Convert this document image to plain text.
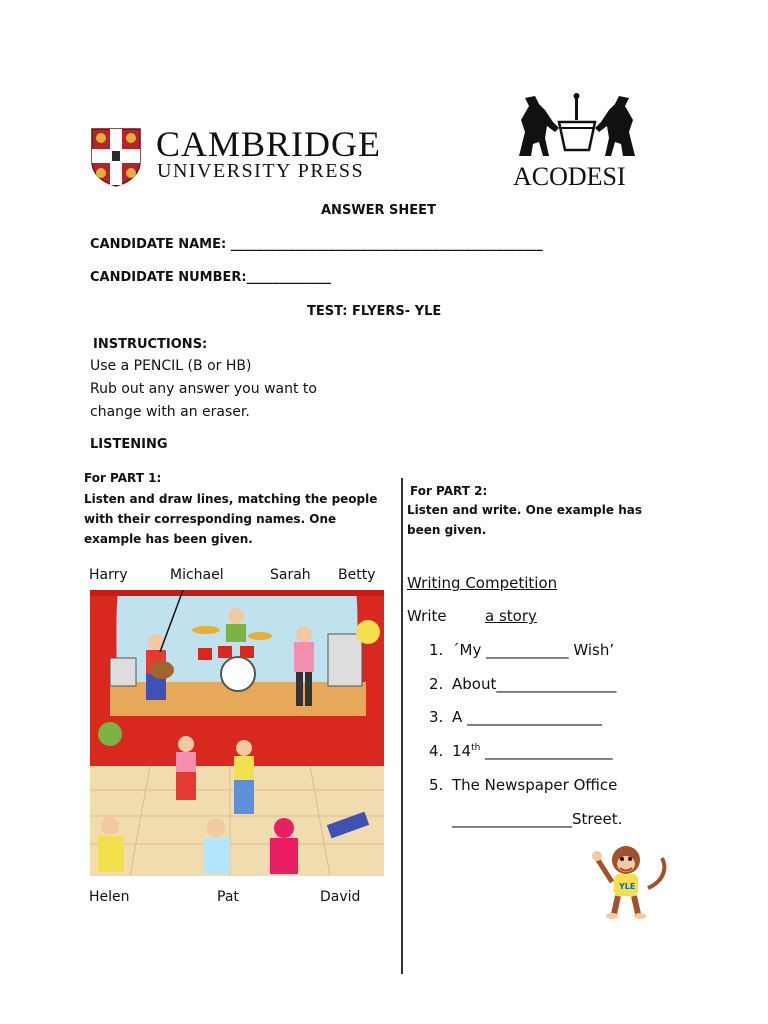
CAMBRIDGE
UNIVERSITY PRESS	ACODESI
ANSWER SHEET
CANDIDATE NAME: ________________________________________________
CANDIDATE NUMBER:_____________
TEST: FLYERS- YLE
INSTRUCTIONS:
Use a PENCIL (B or HB)
Rub out any answer you want to
change with an eraser.
LISTENING
For PART 1:
Listen and draw lines, matching the people with their corresponding names. One example has been given.
Harry	Michael	Sarah Betty
Helen	Pat	David
For PART 2:
Listen and write. One example has been given.
Writing Competition
Write	a story
1. ´My ___________ Wish’
2. About________________
3. A __________________
4. 14th _________________
5. The Newspaper Office
________________Street.
YLE
